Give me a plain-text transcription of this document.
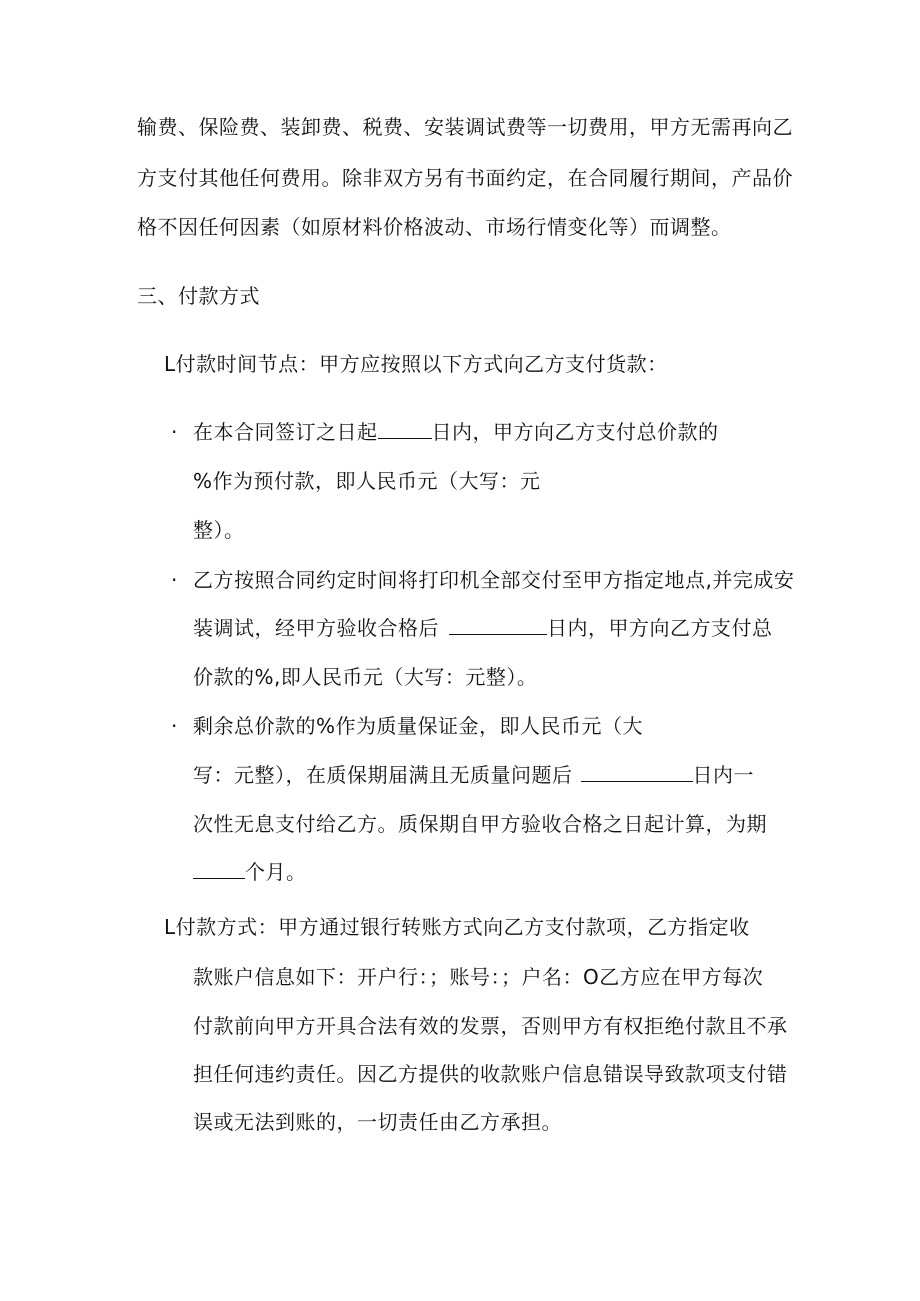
输费、保险费、装卸费、税费、安装调试费等一切费用，甲方无需再向乙
方支付其他任何费用。除非双方另有书面约定，在合同履行期间，产品价
格不因任何因素（如原材料价格波动、市场行情变化等）而调整。
三、付款方式
L付款时间节点：甲方应按照以下方式向乙方支付货款：
· 在本合同签订之日起	日内，甲方向乙方支付总价款的
%作为预付款，即人民币元（大写：元
整）。
· 乙方按照合同约定时间将打印机全部交付至甲方指定地点,并完成安
装调试，经甲方验收合格后	日内，甲方向乙方支付总
价款的%,即人民币元（大写：元整）。
· 剩余总价款的%作为质量保证金，即人民币元（大
写：元整），在质保期届满且无质量问题后	日内一
次性无息支付给乙方。质保期自甲方验收合格之日起计算，为期
个月。
L付款方式：甲方通过银行转账方式向乙方支付款项，乙方指定收
款账户信息如下：开户行：；账号：；户名：O乙方应在甲方每次
付款前向甲方开具合法有效的发票，否则甲方有权拒绝付款且不承
担任何违约责任。因乙方提供的收款账户信息错误导致款项支付错
误或无法到账的，一切责任由乙方承担。
